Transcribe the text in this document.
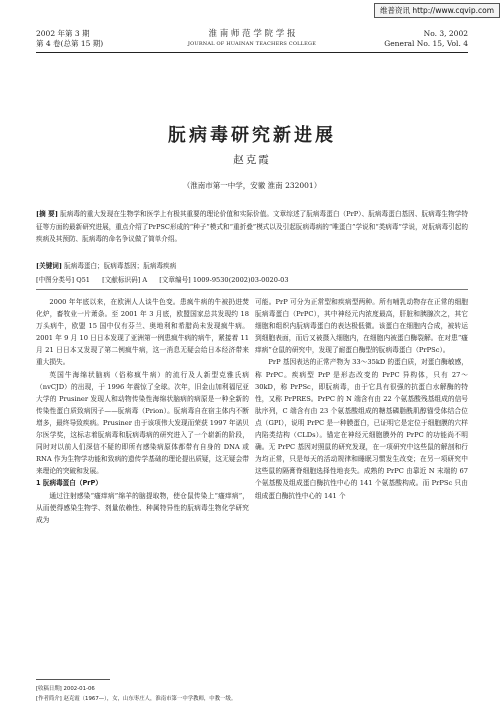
维普资讯 http://www.cqvip.com
2002 年第 3 期
第 4 卷(总第 15 期)
淮 南 师 范 学 院 学 报
JOURNAL OF HUAINAN TEACHERS COLLEGE
No. 3, 2002
General No. 15, Vol. 4
朊病毒研究新进展
赵克霞
（淮南市第一中学，安徽 淮南 232001）
[摘 要] 朊病毒的重大发现在生物学和医学上有极其重要的理论价值和实际价值。文章综述了朊病毒蛋白（PrP）、朊病毒蛋白基因、朊病毒生物学特征等方面的最新研究进展，重点介绍了PrPSC形成的“种子”模式和“重折叠”模式以及引起朊病毒病的“唯蛋白”学说和“类病毒”学说，对朊病毒引起的疾病及其预防、朊病毒的命名争议做了简单介绍。
[关键词] 朊病毒蛋白；朊病毒基因；朊病毒疾病
[中图分类号] Q51 [文献标识码] A [文章编号] 1009-9530(2002)03-0020-03

2000 年年底以来，在欧洲人人谈牛色变。患疯牛病的牛被扔进焚化炉，畜牧业一片萧条。至 2001 年 3 月底，欧盟国家总共发现约 18 万头病牛，欧盟 15 国中仅有芬兰、奥地利和希腊尚未发现疯牛病。2001 年 9 月 10 日日本发现了亚洲第一例患疯牛病的病牛，紧接着 11 月 21 日日本又发现了第二例疯牛病，这一消息无疑会给日本经济带来重大损失。

英国牛海绵状脑病（俗称疯牛病）的流行及人新型克雅氏病（nvCJD）的出现，于 1996 年震惊了全球。次年，旧金山加利福尼亚大学的 Prusiner 发现人和动物传染性海绵状脑病的病原是一种全新的传染性蛋白质致病因子——朊病毒（Prion）。朊病毒自在宿主体内不断增多，最终导致疾病。Prusiner 由于该项伟大发现而荣获 1997 年诺贝尔医学奖，这标志着朊病毒和朊病毒病的研究进入了一个崭新的阶段，同时对以前人们深信不疑的即所有感染病原体都带有自身的 DNA 或 RNA 作为生物学功能和致病的遗传学基础的理论提出质疑，这无疑会带来理论的突破和发展。

1 朊病毒蛋白（PrP）

通过注射感染“瘙痒病”绵羊的脑提取物，使仓鼠传染上“瘙痒病”，从而使得感染生物学、剂量依赖性、种属特异性的朊病毒生物化学研究成为

可能。PrP 可分为正常型和疾病型两种。所有哺乳动物存在正常的细胞朊病毒蛋白（PrPC），其中神经元内浓度最高，肝脏和胰腺次之，其它细胞和组织内朊病毒蛋白的表达极低微。该蛋白在细胞内合成，被转运到细胞表面，而后又被摄入细胞内，在细胞内被蛋白酶裂解。在对患“瘙痒病”仓鼠的研究中，发现了耐蛋白酶型的朊病毒蛋白（PrPSc）。

PrP 基因表达的正常产物为 33～35kD 的蛋白质，对蛋白酶敏感，称 PrPC。疾病型 PrP 是形态改变的 PrPC 异构体，只有 27～30kD，称 PrPSc，即朊病毒，由于它具有很强的抗蛋白水解酶的特性，又称 PrPRES。PrPC 的 N 端含有由 22 个氨基酸残基组成的信号肽序列，C 端含有由 23 个氨基酸组成的糖基磷脂酰肌醇锚受体结合位点（GPI），说明 PrPC 是一种膜蛋白，已证明它是定位于细胞膜的穴样内陷类结构（CLDs）。锚定在神经元细胞膜外的 PrPC 的功能尚不明确。无 PrPC 基因对照鼠的研究发现，在一项研究中这些鼠的解剖和行为均正常，只是每天的活动规律和睡眠习惯发生改变；在另一项研究中这些鼠的隔膏脊细胞选择性地丧失。成熟的 PrPC 由靠近 N 末端的 67 个氨基酸及组成蛋白酶抗性中心的 141 个氨基酸构成。而 PrPSc 只由组成蛋白酶抗性中心的 141 个

[收稿日期] 2002-01-06
[作者简介] 赵克霞（1967—），女，山东枣庄人，淮南市第一中学教师，中教一级。
